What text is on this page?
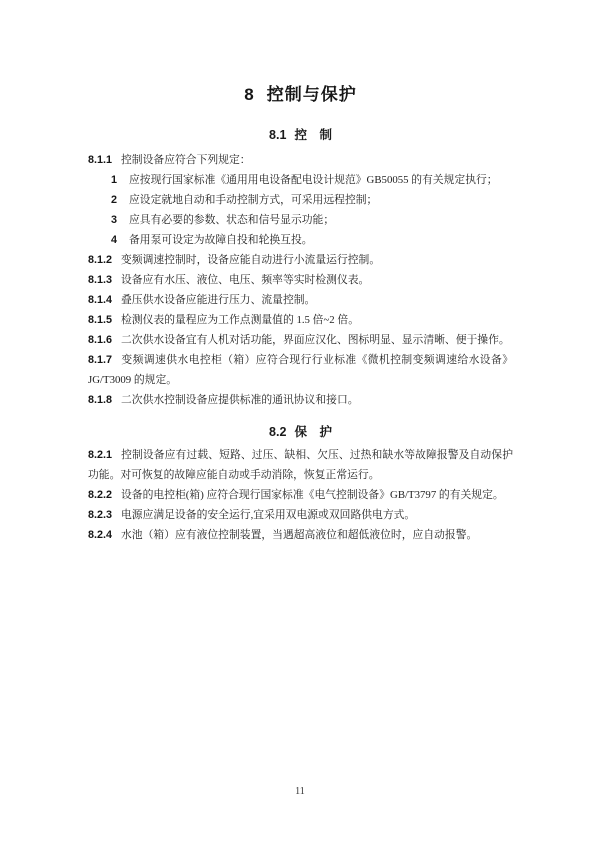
8 控制与保护
8.1 控　制

8.1.1 控制设备应符合下列规定：

1 应按现行国家标准《通用用电设备配电设计规范》GB50055 的有关规定执行；

2 应设定就地自动和手动控制方式，可采用远程控制；

3 应具有必要的参数、状态和信号显示功能；

4 备用泵可设定为故障自投和轮换互投。

8.1.2 变频调速控制时，设备应能自动进行小流量运行控制。

8.1.3 设备应有水压、液位、电压、频率等实时检测仪表。

8.1.4 叠压供水设备应能进行压力、流量控制。

8.1.5 检测仪表的量程应为工作点测量值的 1.5 倍~2 倍。

8.1.6 二次供水设备宜有人机对话功能，界面应汉化、图标明显、显示清晰、便于操作。

8.1.7 变频调速供水电控柜（箱）应符合现行行业标准《微机控制变频调速给水设备》JG/T3009 的规定。

8.1.8 二次供水控制设备应提供标准的通讯协议和接口。

8.2 保　护

8.2.1 控制设备应有过载、短路、过压、缺相、欠压、过热和缺水等故障报警及自动保护功能。对可恢复的故障应能自动或手动消除，恢复正常运行。

8.2.2 设备的电控柜(箱) 应符合现行国家标准《电气控制设备》GB/T3797 的有关规定。

8.2.3 电源应满足设备的安全运行,宜采用双电源或双回路供电方式。

8.2.4 水池（箱）应有液位控制装置，当遇超高液位和超低液位时，应自动报警。

11
